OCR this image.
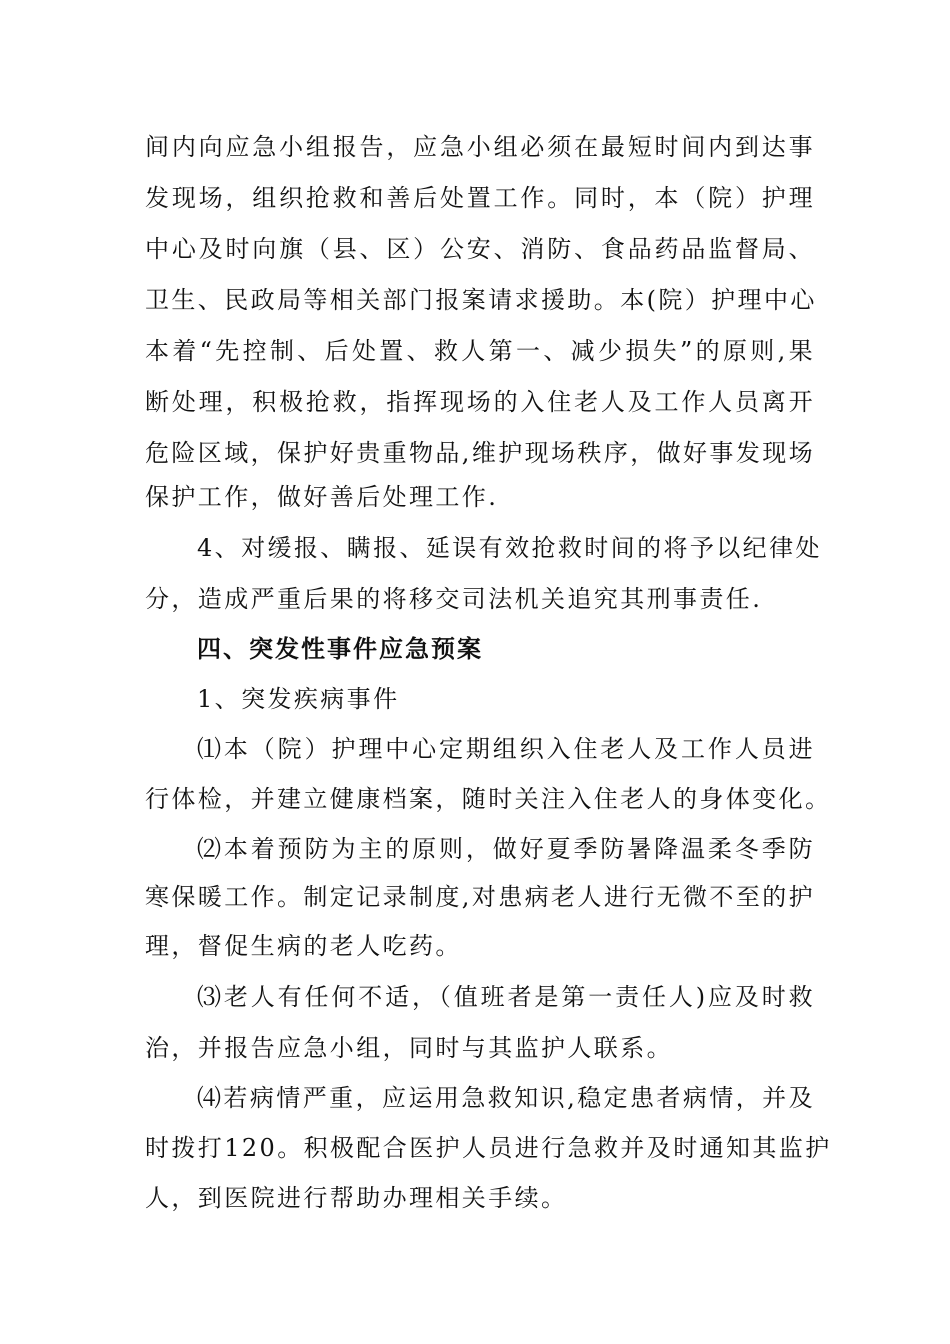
间内向应急小组报告，应急小组必须在最短时间内到达事
发现场，组织抢救和善后处置工作。同时，本（院）护理
中心及时向旗（县、区）公安、消防、食品药品监督局、
卫生、民政局等相关部门报案请求援助。本(院）护理中心
本着“先控制、后处置、救人第一、减少损失”的原则,果
断处理，积极抢救，指挥现场的入住老人及工作人员离开
危险区域，保护好贵重物品,维护现场秩序，做好事发现场
保护工作，做好善后处理工作.
4、对缓报、瞒报、延误有效抢救时间的将予以纪律处
分，造成严重后果的将移交司法机关追究其刑事责任.
四、突发性事件应急预案
1、突发疾病事件
⑴本（院）护理中心定期组织入住老人及工作人员进
行体检，并建立健康档案，随时关注入住老人的身体变化。
⑵本着预防为主的原则，做好夏季防暑降温柔冬季防
寒保暖工作。制定记录制度,对患病老人进行无微不至的护
理，督促生病的老人吃药。
⑶老人有任何不适，（值班者是第一责任人)应及时救
治，并报告应急小组，同时与其监护人联系。
⑷若病情严重，应运用急救知识,稳定患者病情，并及
时拨打120。积极配合医护人员进行急救并及时通知其监护
人，到医院进行帮助办理相关手续。
